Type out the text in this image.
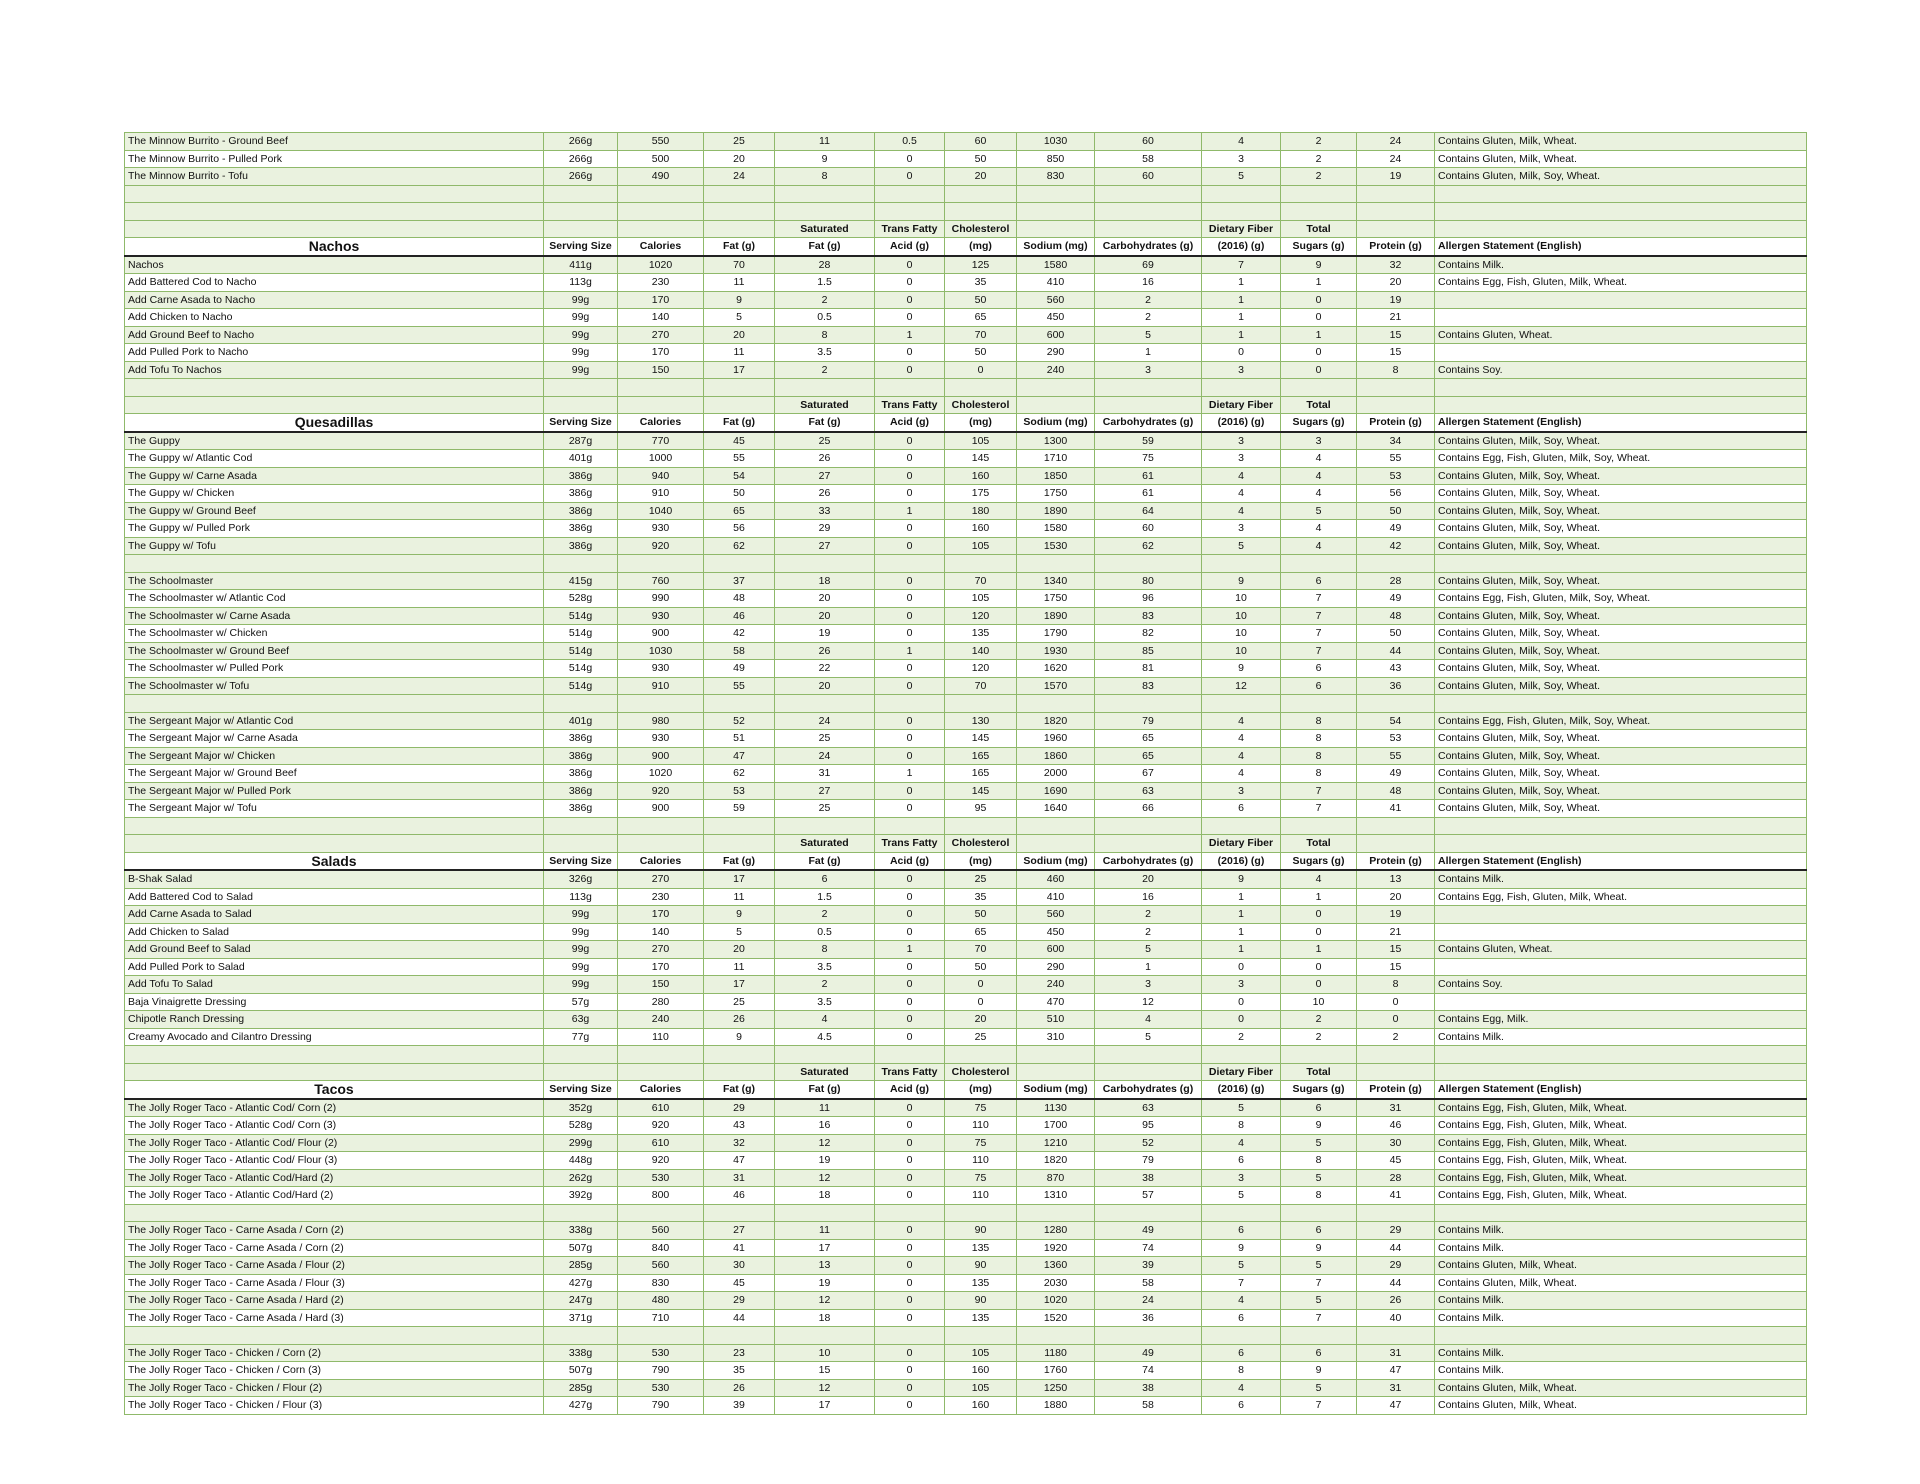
The Minnow Burrito - Ground Beef	266g	550	25	11	0.5	60	1030	60	4	2	24	Contains Gluten, Milk, Wheat.
The Minnow Burrito - Pulled Pork	266g	500	20	9	0	50	850	58	3	2	24	Contains Gluten, Milk, Wheat.
The Minnow Burrito - Tofu	266g	490	24	8	0	20	830	60	5	2	19	Contains Gluten, Milk, Soy, Wheat.

				Saturated	Trans Fatty	Cholesterol			Dietary Fiber	Total		
Nachos	Serving Size	Calories	Fat (g)	Fat (g)	Acid (g)	(mg)	Sodium (mg)	Carbohydrates (g)	(2016) (g)	Sugars (g)	Protein (g)	Allergen Statement (English)
Nachos	411g	1020	70	28	0	125	1580	69	7	9	32	Contains Milk.
Add Battered Cod to Nacho	113g	230	11	1.5	0	35	410	16	1	1	20	Contains Egg, Fish, Gluten, Milk, Wheat.
Add Carne Asada to Nacho	99g	170	9	2	0	50	560	2	1	0	19	
Add Chicken to Nacho	99g	140	5	0.5	0	65	450	2	1	0	21	
Add Ground Beef to Nacho	99g	270	20	8	1	70	600	5	1	1	15	Contains Gluten, Wheat.
Add Pulled Pork to Nacho	99g	170	11	3.5	0	50	290	1	0	0	15	
Add Tofu To Nachos	99g	150	17	2	0	0	240	3	3	0	8	Contains Soy.

				Saturated	Trans Fatty	Cholesterol			Dietary Fiber	Total		
Quesadillas	Serving Size	Calories	Fat (g)	Fat (g)	Acid (g)	(mg)	Sodium (mg)	Carbohydrates (g)	(2016) (g)	Sugars (g)	Protein (g)	Allergen Statement (English)
The Guppy	287g	770	45	25	0	105	1300	59	3	3	34	Contains Gluten, Milk, Soy, Wheat.
The Guppy w/ Atlantic Cod	401g	1000	55	26	0	145	1710	75	3	4	55	Contains Egg, Fish, Gluten, Milk, Soy, Wheat.
The Guppy w/ Carne Asada	386g	940	54	27	0	160	1850	61	4	4	53	Contains Gluten, Milk, Soy, Wheat.
The Guppy w/ Chicken	386g	910	50	26	0	175	1750	61	4	4	56	Contains Gluten, Milk, Soy, Wheat.
The Guppy w/ Ground Beef	386g	1040	65	33	1	180	1890	64	4	5	50	Contains Gluten, Milk, Soy, Wheat.
The Guppy w/ Pulled Pork	386g	930	56	29	0	160	1580	60	3	4	49	Contains Gluten, Milk, Soy, Wheat.
The Guppy w/ Tofu	386g	920	62	27	0	105	1530	62	5	4	42	Contains Gluten, Milk, Soy, Wheat.

The Schoolmaster	415g	760	37	18	0	70	1340	80	9	6	28	Contains Gluten, Milk, Soy, Wheat.
The Schoolmaster w/ Atlantic Cod	528g	990	48	20	0	105	1750	96	10	7	49	Contains Egg, Fish, Gluten, Milk, Soy, Wheat.
The Schoolmaster w/ Carne Asada	514g	930	46	20	0	120	1890	83	10	7	48	Contains Gluten, Milk, Soy, Wheat.
The Schoolmaster w/ Chicken	514g	900	42	19	0	135	1790	82	10	7	50	Contains Gluten, Milk, Soy, Wheat.
The Schoolmaster w/ Ground Beef	514g	1030	58	26	1	140	1930	85	10	7	44	Contains Gluten, Milk, Soy, Wheat.
The Schoolmaster w/ Pulled Pork	514g	930	49	22	0	120	1620	81	9	6	43	Contains Gluten, Milk, Soy, Wheat.
The Schoolmaster w/ Tofu	514g	910	55	20	0	70	1570	83	12	6	36	Contains Gluten, Milk, Soy, Wheat.

The Sergeant Major w/ Atlantic Cod	401g	980	52	24	0	130	1820	79	4	8	54	Contains Egg, Fish, Gluten, Milk, Soy, Wheat.
The Sergeant Major w/ Carne Asada	386g	930	51	25	0	145	1960	65	4	8	53	Contains Gluten, Milk, Soy, Wheat.
The Sergeant Major w/ Chicken	386g	900	47	24	0	165	1860	65	4	8	55	Contains Gluten, Milk, Soy, Wheat.
The Sergeant Major w/ Ground Beef	386g	1020	62	31	1	165	2000	67	4	8	49	Contains Gluten, Milk, Soy, Wheat.
The Sergeant Major w/ Pulled Pork	386g	920	53	27	0	145	1690	63	3	7	48	Contains Gluten, Milk, Soy, Wheat.
The Sergeant Major w/ Tofu	386g	900	59	25	0	95	1640	66	6	7	41	Contains Gluten, Milk, Soy, Wheat.

				Saturated	Trans Fatty	Cholesterol			Dietary Fiber	Total		
Salads	Serving Size	Calories	Fat (g)	Fat (g)	Acid (g)	(mg)	Sodium (mg)	Carbohydrates (g)	(2016) (g)	Sugars (g)	Protein (g)	Allergen Statement (English)
B-Shak Salad	326g	270	17	6	0	25	460	20	9	4	13	Contains Milk.
Add Battered Cod to Salad	113g	230	11	1.5	0	35	410	16	1	1	20	Contains Egg, Fish, Gluten, Milk, Wheat.
Add Carne Asada to Salad	99g	170	9	2	0	50	560	2	1	0	19	
Add Chicken to Salad	99g	140	5	0.5	0	65	450	2	1	0	21	
Add Ground Beef to Salad	99g	270	20	8	1	70	600	5	1	1	15	Contains Gluten, Wheat.
Add Pulled Pork to Salad	99g	170	11	3.5	0	50	290	1	0	0	15	
Add Tofu To Salad	99g	150	17	2	0	0	240	3	3	0	8	Contains Soy.
Baja Vinaigrette Dressing	57g	280	25	3.5	0	0	470	12	0	10	0	
Chipotle Ranch Dressing	63g	240	26	4	0	20	510	4	0	2	0	Contains Egg, Milk.
Creamy Avocado and Cilantro Dressing	77g	110	9	4.5	0	25	310	5	2	2	2	Contains Milk.

				Saturated	Trans Fatty	Cholesterol			Dietary Fiber	Total		
Tacos	Serving Size	Calories	Fat (g)	Fat (g)	Acid (g)	(mg)	Sodium (mg)	Carbohydrates (g)	(2016) (g)	Sugars (g)	Protein (g)	Allergen Statement (English)
The Jolly Roger Taco - Atlantic Cod/ Corn (2)	352g	610	29	11	0	75	1130	63	5	6	31	Contains Egg, Fish, Gluten, Milk, Wheat.
The Jolly Roger Taco - Atlantic Cod/ Corn (3)	528g	920	43	16	0	110	1700	95	8	9	46	Contains Egg, Fish, Gluten, Milk, Wheat.
The Jolly Roger Taco - Atlantic Cod/ Flour (2)	299g	610	32	12	0	75	1210	52	4	5	30	Contains Egg, Fish, Gluten, Milk, Wheat.
The Jolly Roger Taco - Atlantic Cod/ Flour (3)	448g	920	47	19	0	110	1820	79	6	8	45	Contains Egg, Fish, Gluten, Milk, Wheat.
The Jolly Roger Taco - Atlantic Cod/Hard (2)	262g	530	31	12	0	75	870	38	3	5	28	Contains Egg, Fish, Gluten, Milk, Wheat.
The Jolly Roger Taco - Atlantic Cod/Hard (2)	392g	800	46	18	0	110	1310	57	5	8	41	Contains Egg, Fish, Gluten, Milk, Wheat.

The Jolly Roger Taco - Carne Asada / Corn (2)	338g	560	27	11	0	90	1280	49	6	6	29	Contains Milk.
The Jolly Roger Taco - Carne Asada / Corn (2)	507g	840	41	17	0	135	1920	74	9	9	44	Contains Milk.
The Jolly Roger Taco - Carne Asada / Flour (2)	285g	560	30	13	0	90	1360	39	5	5	29	Contains Gluten, Milk, Wheat.
The Jolly Roger Taco - Carne Asada / Flour (3)	427g	830	45	19	0	135	2030	58	7	7	44	Contains Gluten, Milk, Wheat.
The Jolly Roger Taco - Carne Asada / Hard (2)	247g	480	29	12	0	90	1020	24	4	5	26	Contains Milk.
The Jolly Roger Taco - Carne Asada / Hard (3)	371g	710	44	18	0	135	1520	36	6	7	40	Contains Milk.

The Jolly Roger Taco - Chicken / Corn (2)	338g	530	23	10	0	105	1180	49	6	6	31	Contains Milk.
The Jolly Roger Taco - Chicken / Corn (3)	507g	790	35	15	0	160	1760	74	8	9	47	Contains Milk.
The Jolly Roger Taco - Chicken / Flour (2)	285g	530	26	12	0	105	1250	38	4	5	31	Contains Gluten, Milk, Wheat.
The Jolly Roger Taco - Chicken / Flour (3)	427g	790	39	17	0	160	1880	58	6	7	47	Contains Gluten, Milk, Wheat.
